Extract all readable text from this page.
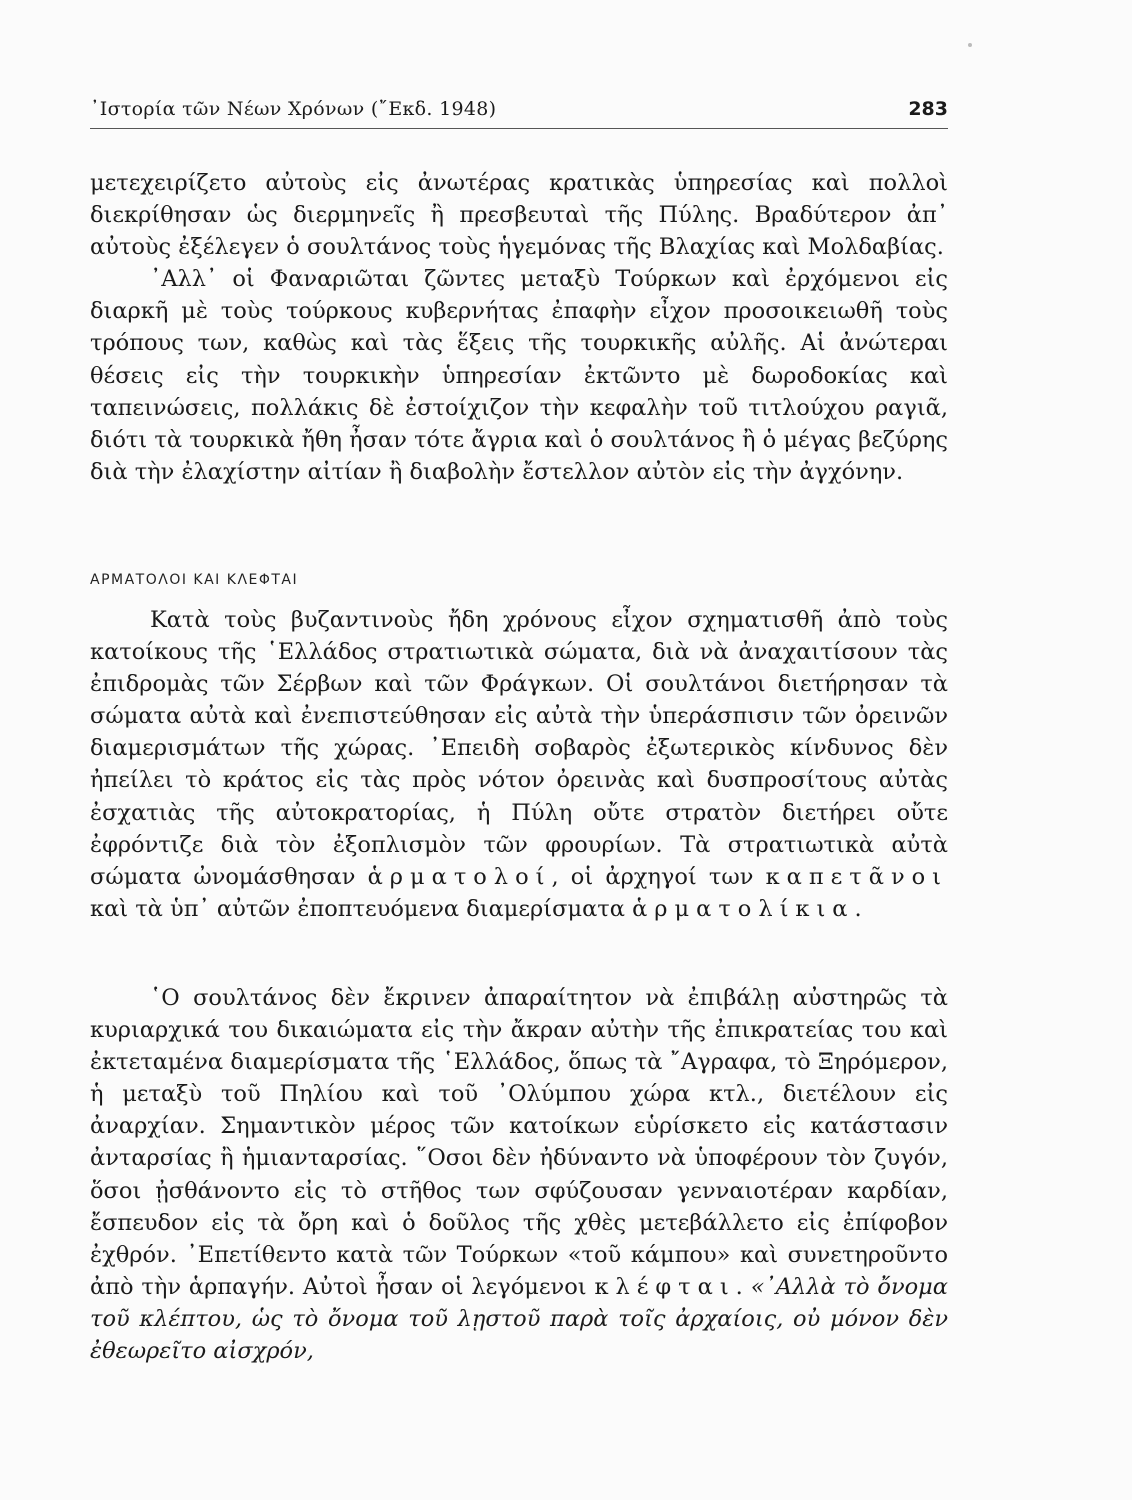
᾿Ιστορία τῶν Νέων Χρόνων (῎Εκδ. 1948)	283
μετεχειρίζετο αὐτοὺς εἰς ἀνωτέρας κρατικὰς ὑπηρεσίας καὶ πολλοὶ διεκρίθησαν ὡς διερμηνεῖς ἢ πρεσβευταὶ τῆς Πύλης. Βραδύτερον ἀπ᾿ αὐτοὺς ἐξέλεγεν ὁ σουλτάνος τοὺς ἡγεμόνας τῆς Βλαχίας καὶ Μολδαβίας.
᾿Αλλ᾿ οἱ Φαναριῶται ζῶντες μεταξὺ Τούρκων καὶ ἐρχόμενοι εἰς διαρκῆ μὲ τοὺς τούρκους κυβερνήτας ἐπαφὴν εἶχον προσοικειωθῆ τοὺς τρόπους των, καθὼς καὶ τὰς ἕξεις τῆς τουρκικῆς αὐλῆς. Αἱ ἀνώτεραι θέσεις εἰς τὴν τουρκικὴν ὑπηρεσίαν ἐκτῶντο μὲ δωροδοκίας καὶ ταπεινώσεις, πολλάκις δὲ ἐστοίχιζον τὴν κεφαλὴν τοῦ τιτλούχου ραγιᾶ, διότι τὰ τουρκικὰ ἤθη ἦσαν τότε ἄγρια καὶ ὁ σουλτάνος ἢ ὁ μέγας βεζύρης διὰ τὴν ἐλαχίστην αἰτίαν ἢ διαβολὴν ἔστελλον αὐτὸν εἰς τὴν ἀγχόνην.
ΑΡΜΑΤΟΛΟΙ ΚΑΙ ΚΛΕΦΤΑΙ
Κατὰ τοὺς βυζαντινοὺς ἤδη χρόνους εἶχον σχηματισθῆ ἀπὸ τοὺς κατοίκους τῆς ῾Ελλάδος στρατιωτικὰ σώματα, διὰ νὰ ἀναχαιτίσουν τὰς ἐπιδρομὰς τῶν Σέρβων καὶ τῶν Φράγκων. Οἱ σουλτάνοι διετήρησαν τὰ σώματα αὐτὰ καὶ ἐνεπιστεύθησαν εἰς αὐτὰ τὴν ὑπεράσπισιν τῶν ὀρεινῶν διαμερισμάτων τῆς χώρας. ᾿Επειδὴ σοβαρὸς ἐξωτερικὸς κίνδυνος δὲν ἠπείλει τὸ κράτος εἰς τὰς πρὸς νότον ὀρεινὰς καὶ δυσπροσίτους αὐτὰς ἐσχατιὰς τῆς αὐτοκρατορίας, ἡ Πύλη οὔτε στρατὸν διετήρει οὔτε ἐφρόντιζε διὰ τὸν ἐξοπλισμὸν τῶν φρουρίων. Τὰ στρατιωτικὰ αὐτὰ σώματα ὠνομάσθησαν ἁρματολοί, οἱ ἀρχηγοί των καπετᾶνοι καὶ τὰ ὑπ᾿ αὐτῶν ἐποπτευόμενα διαμερίσματα ἁρματολίκια.
῾Ο σουλτάνος δὲν ἔκρινεν ἀπαραίτητον νὰ ἐπιβάλῃ αὐστηρῶς τὰ κυριαρχικά του δικαιώματα εἰς τὴν ἄκραν αὐτὴν τῆς ἐπικρατείας του καὶ ἐκτεταμένα διαμερίσματα τῆς ῾Ελλάδος, ὅπως τὰ ῎Αγραφα, τὸ Ξηρόμερον, ἡ μεταξὺ τοῦ Πηλίου καὶ τοῦ ᾿Ολύμπου χώρα κτλ., διετέλουν εἰς ἀναρχίαν. Σημαντικὸν μέρος τῶν κατοίκων εὑρίσκετο εἰς κατάστασιν ἀνταρσίας ἢ ἡμιανταρσίας. ῞Οσοι δὲν ἠδύναντο νὰ ὑποφέρουν τὸν ζυγόν, ὅσοι ᾐσθάνοντο εἰς τὸ στῆθος των σφύζουσαν γενναιοτέραν καρδίαν, ἔσπευδον εἰς τὰ ὄρη καὶ ὁ δοῦλος τῆς χθὲς μετεβάλλετο εἰς ἐπίφοβον ἐχθρόν. ᾿Επετίθεντο κατὰ τῶν Τούρκων «τοῦ κάμπου» καὶ συνετηροῦντο ἀπὸ τὴν ἁρπαγήν. Αὐτοὶ ἦσαν οἱ λεγόμενοι κλέφται. «᾿Αλλὰ τὸ ὄνομα τοῦ κλέπτου, ὡς τὸ ὄνομα τοῦ λῃστοῦ παρὰ τοῖς ἀρχαίοις, οὐ μόνον δὲν ἐθεωρεῖτο αἰσχρόν,
